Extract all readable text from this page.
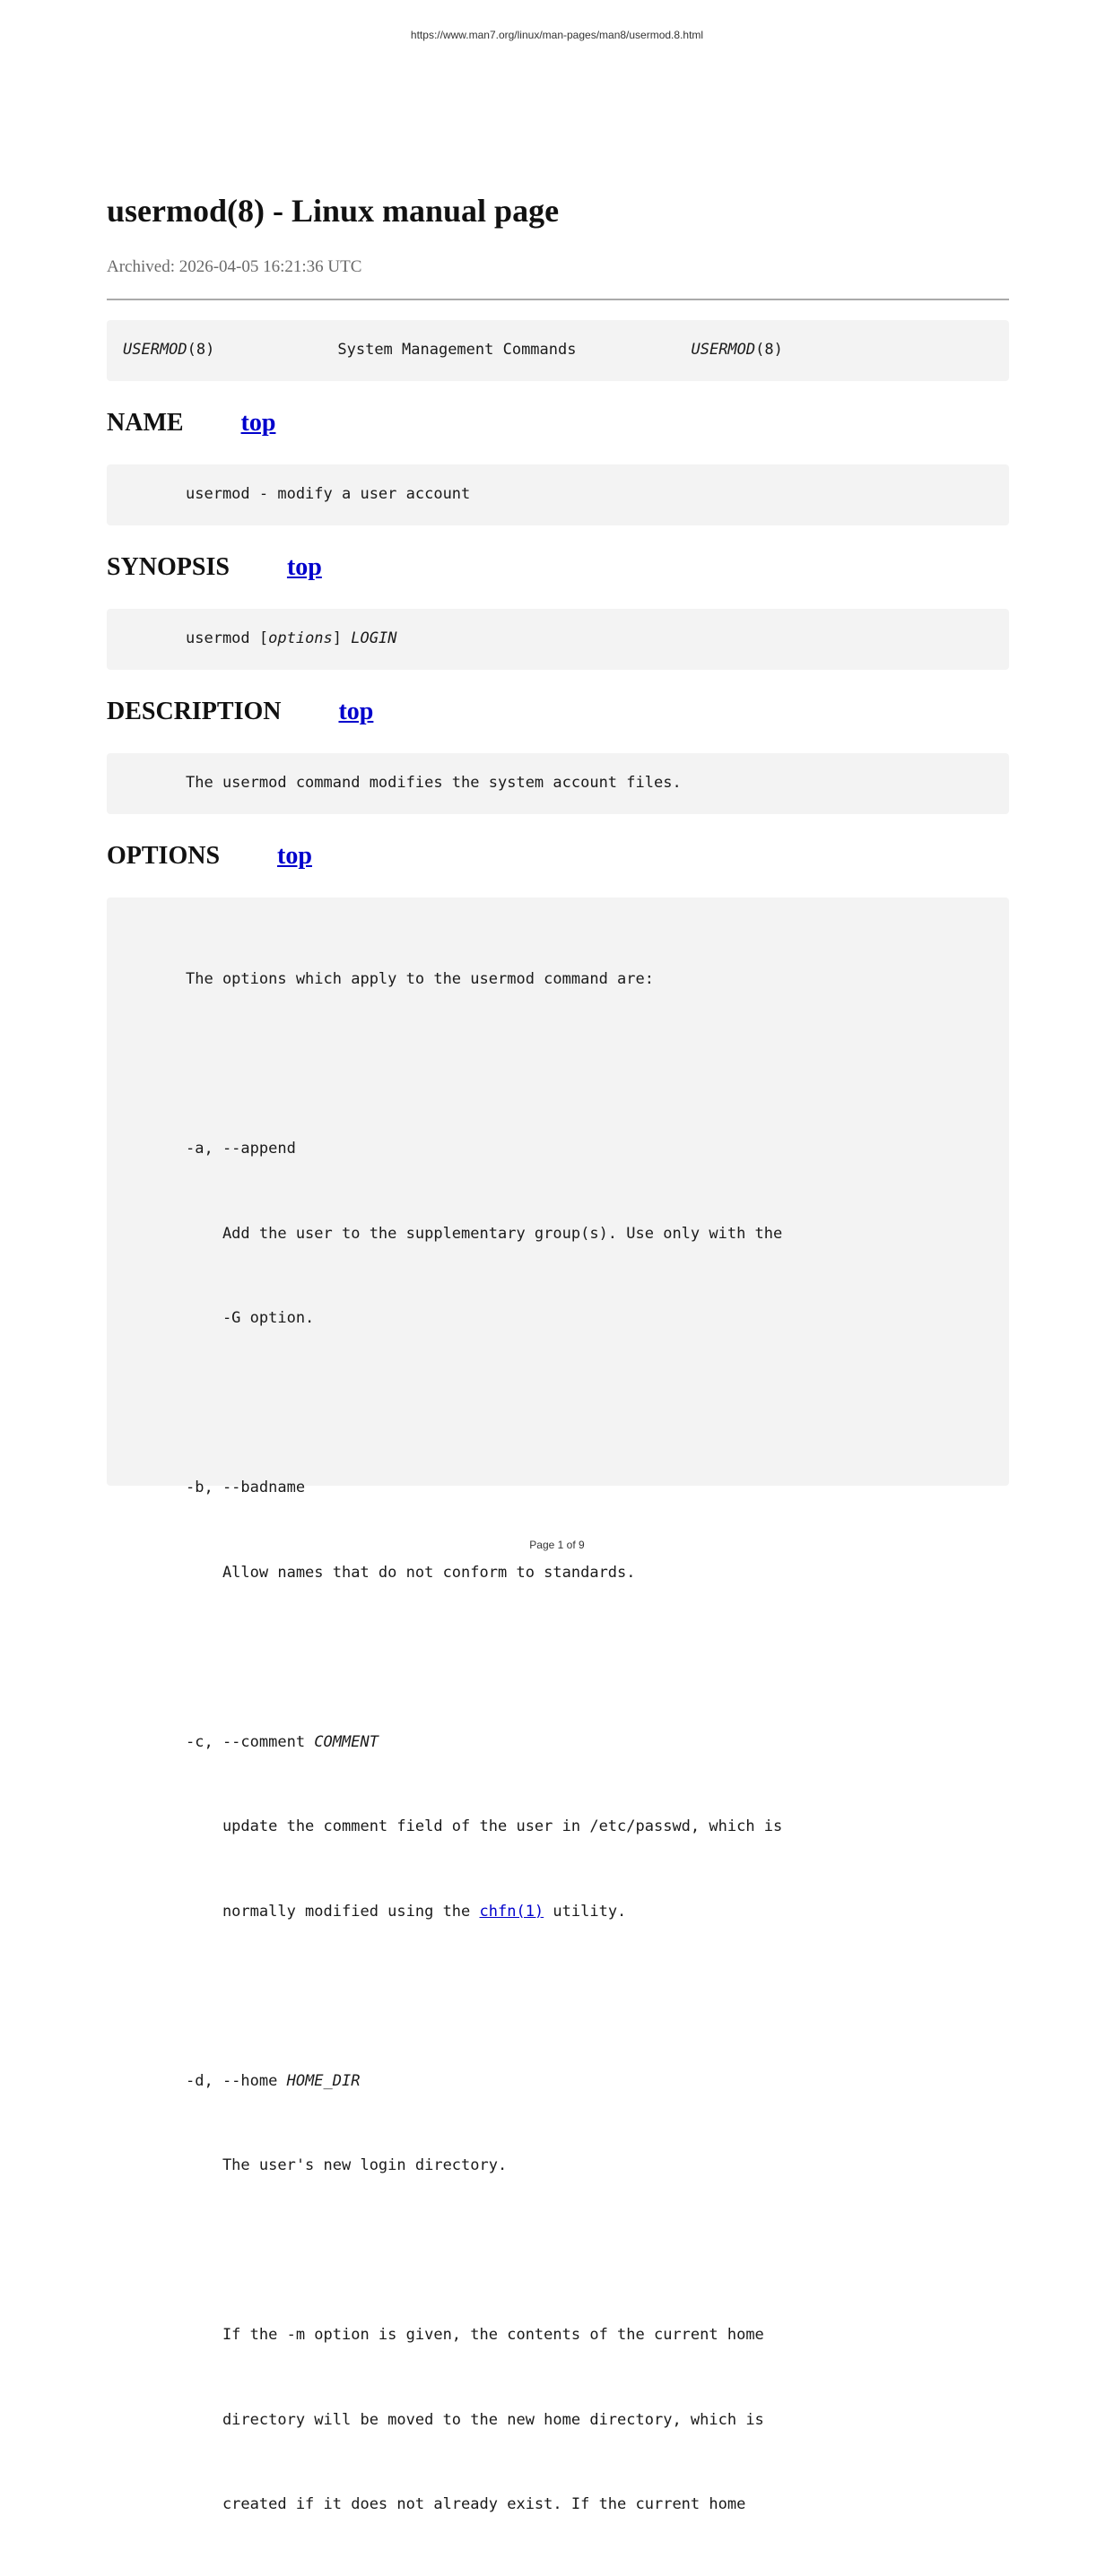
https://www.man7.org/linux/man-pages/man8/usermod.8.html
usermod(8) - Linux manual page
Archived: 2026-04-05 16:21:36 UTC
USERMOD(8)	System Management Commands	USERMOD(8)
NAME top
usermod - modify a user account
SYNOPSIS top
usermod [options] LOGIN
DESCRIPTION top
The usermod command modifies the system account files.
OPTIONS top

The options which apply to the usermod command are:

-a, --append

Add the user to the supplementary group(s). Use only with the

-G option.

-b, --badname

Allow names that do not conform to standards.

-c, --comment COMMENT

update the comment field of the user in /etc/passwd, which is

normally modified using the chfn(1) utility.

-d, --home HOME_DIR

The user's new login directory.

If the -m option is given, the contents of the current home

directory will be moved to the new home directory, which is

created if it does not already exist. If the current home

Page 1 of 9
